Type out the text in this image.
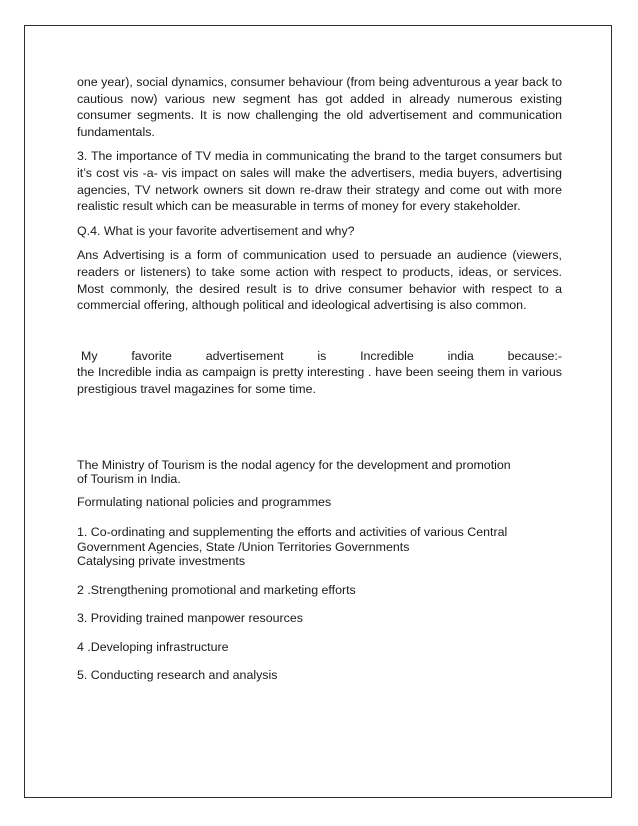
one year), social dynamics, consumer behaviour (from being adventurous a year back to cautious now) various new segment has got added in already numerous existing consumer segments. It is now challenging the old advertisement and communication fundamentals.

3. The importance of TV media in communicating the brand to the target consumers but it’s cost vis -a- vis impact on sales will make the advertisers, media buyers, advertising agencies, TV network owners sit down re-draw their strategy and come out with more realistic result which can be measurable in terms of money for every stakeholder.

Q.4. What is your favorite advertisement and why?

Ans Advertising is a form of communication used to persuade an audience (viewers, readers or listeners) to take some action with respect to products, ideas, or services. Most commonly, the desired result is to drive consumer behavior with respect to a commercial offering, although political and ideological advertising is also common.

My	favorite	advertisement	is	Incredible	india	because:-

the Incredible india as campaign is pretty interesting . have been seeing them in various prestigious travel magazines for some time.

The Ministry of Tourism is the nodal agency for the development and promotion

of Tourism in India.

Formulating national policies and programmes

1. Co-ordinating and supplementing the efforts and activities of various Central

Government Agencies, State /Union Territories Governments

Catalysing private investments

2 .Strengthening promotional and marketing efforts

3. Providing trained manpower resources

4 .Developing infrastructure

5. Conducting research and analysis
